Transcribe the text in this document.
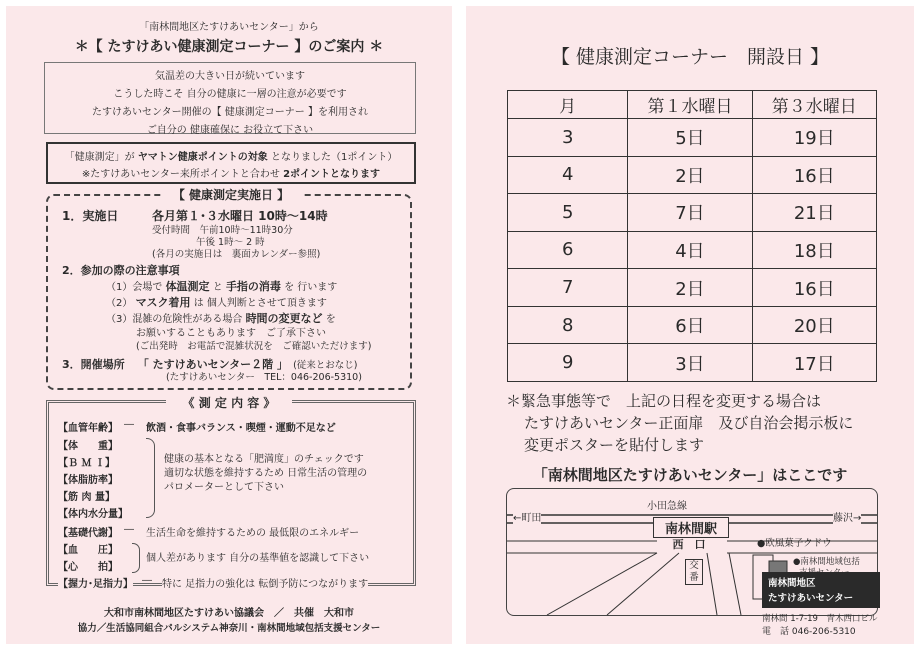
「南林間地区たすけあいセンター」から
＊【 たすけあい健康測定コーナー 】のご案内 ＊
気温差の大きい日が続いています
こうした時こそ 自分の健康に一層の注意が必要です
たすけあいセンター開催の【 健康測定コーナー 】を利用され
ご自分の 健康確保に お役立て下さい
「健康測定」が ヤマトン健康ポイントの対象 となりました（1ポイント）
※たすけあいセンター来所ポイントと合わせ 2ポイントとなります
【 健康測定実施日 】
1．実施日	各月第１･３水曜日 10時～14時
受付時間　午前10時～11時30分
午後 1時～ 2 時
(各月の実施日は　裏面カレンダー参照)
2．参加の際の注意事項
（1）会場で 体温測定 と 手指の消毒 を 行います
（2） マスク着用 は 個人判断とさせて頂きます
（3）混雑の危険性がある場合 時間の変更など を
お願いすることもあります　ご了承下さい
(ご出発時　お電話で混雑状況を　ご確認いただけます)
3．開催場所 「 たすけあいセンター２階 」 (従来とおなじ)
(たすけあいセンター　TEL：046-206-5310)
《 測 定 内 容 》
【血管年齢】 ― 飲酒・食事バランス・喫煙・運動不足など
【体　　重】
【Ｂ Ｍ Ｉ】
【体脂肪率】
【筋 肉 量】
【体内水分量】
健康の基本となる「肥満度」のチェックです
適切な状態を維持するため 日常生活の管理の
パロメーターとして下さい
【基礎代謝】 ― 生活生命を維持するための 最低限のエネルギー
【血　　圧】
【心　　拍】
個人差があります 自分の基準値を認識して下さい
【握力･足指力】 ― 特に 足指力の強化は 転倒予防につながります
大和市南林間地区たすけあい協議会　／　共催　大和市
協力／生活協同組合パルシステム神奈川・南林間地域包括支援センター
【 健康測定コーナー　開設日 】
月	第１水曜日	第３水曜日
3	5日	19日
4	2日	16日
5	7日	21日
6	4日	18日
7	2日	16日
8	6日	20日
9	3日	17日
＊緊急事態等で　上記の日程を変更する場合は
たすけあいセンター正面扉　及び自治会掲示板に
変更ポスターを貼付します
「南林間地区たすけあいセンター」はここです
小田急線
←町田	藤沢→
南林間駅
西　口	●欧風菓子クドウ
交番
●南林間地域包括
南林間地区
たすけあいセンター
南林間 1-7-19　青木西口ビル
電　話 046-206-5310
